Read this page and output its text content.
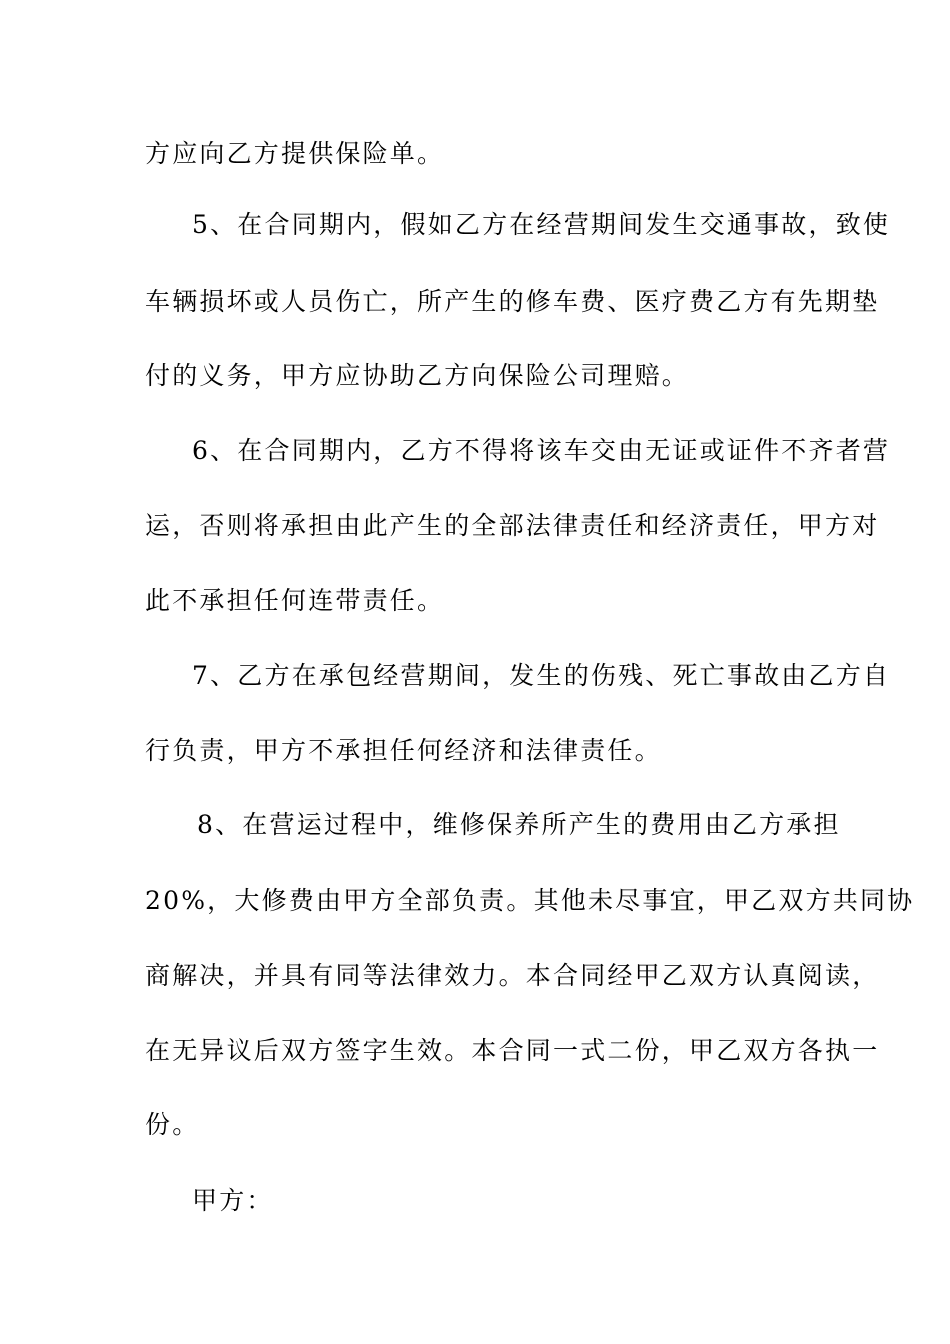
方应向乙方提供保险单。
5、在合同期内，假如乙方在经营期间发生交通事故，致使
车辆损坏或人员伤亡，所产生的修车费、医疗费乙方有先期垫
付的义务，甲方应协助乙方向保险公司理赔。
6、在合同期内，乙方不得将该车交由无证或证件不齐者营
运，否则将承担由此产生的全部法律责任和经济责任，甲方对
此不承担任何连带责任。
7、乙方在承包经营期间，发生的伤残、死亡事故由乙方自
行负责，甲方不承担任何经济和法律责任。
8、在营运过程中，维修保养所产生的费用由乙方承担
20%，大修费由甲方全部负责。其他未尽事宜，甲乙双方共同协
商解决，并具有同等法律效力。本合同经甲乙双方认真阅读，
在无异议后双方签字生效。本合同一式二份，甲乙双方各执一
份。
甲方：
